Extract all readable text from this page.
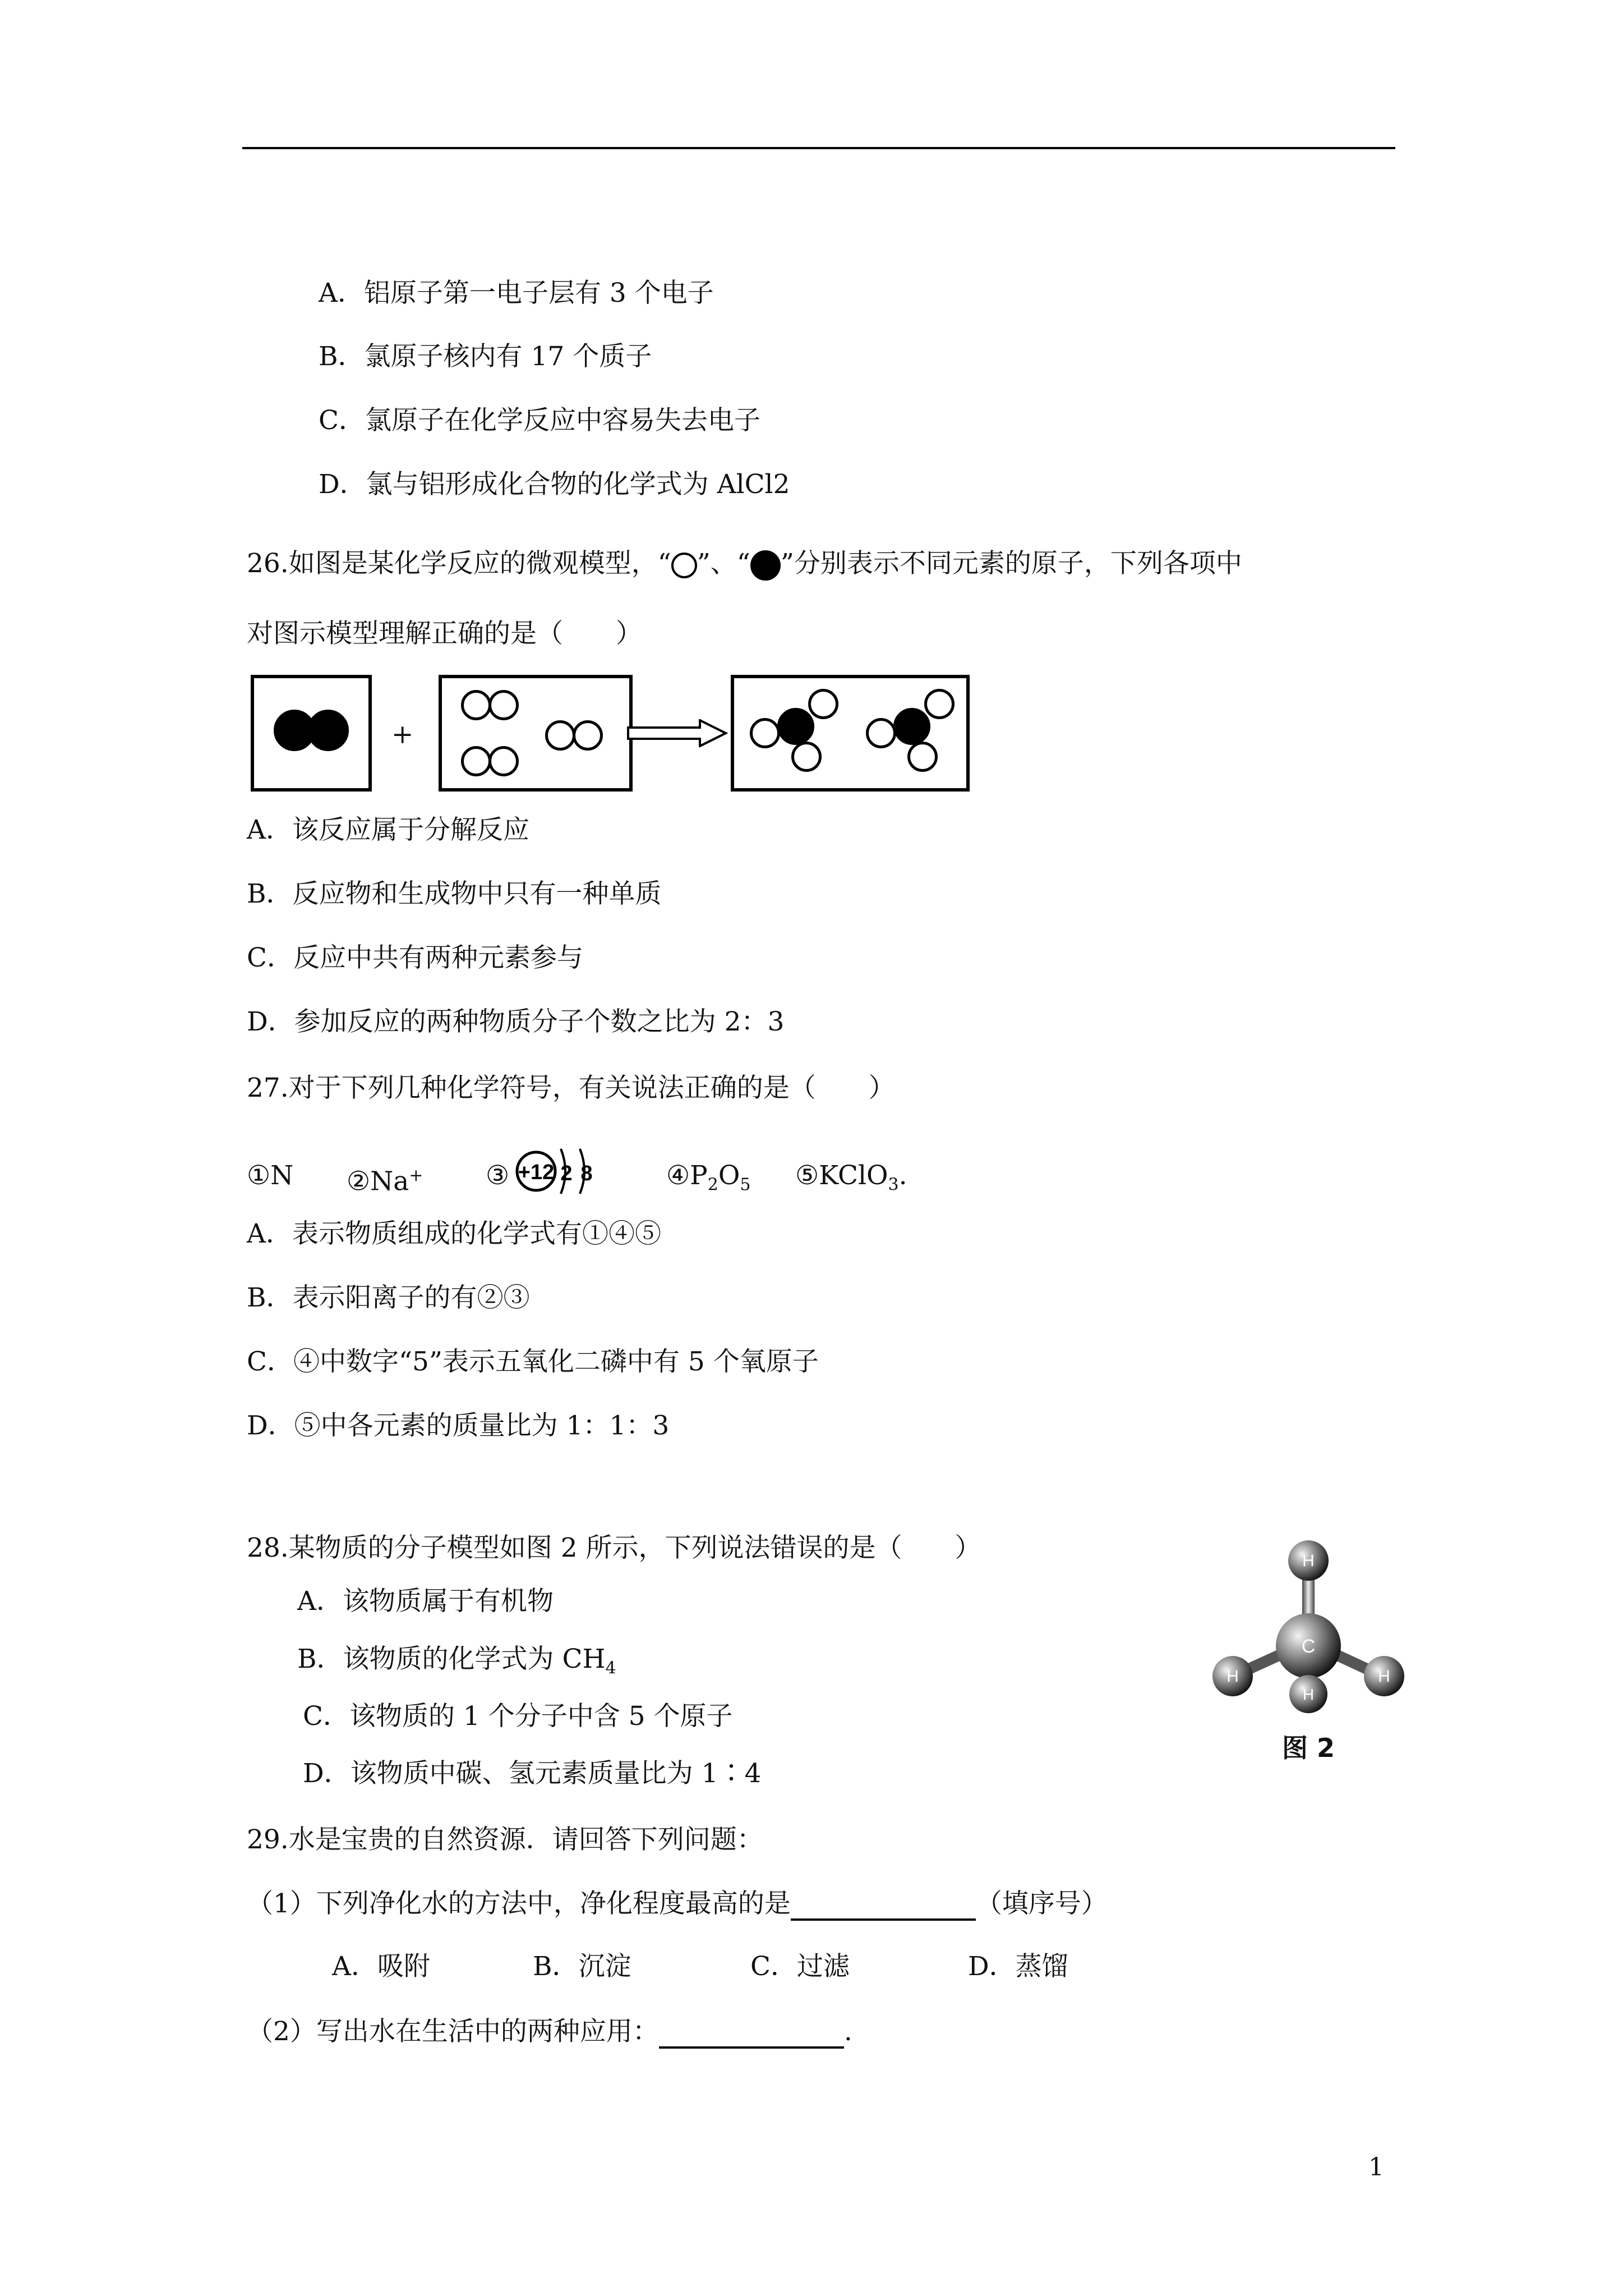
A．铝原子第一电子层有 3 个电子
B．氯原子核内有 17 个质子
C．氯原子在化学反应中容易失去电子
D．氯与铝形成化合物的化学式为 AlCl2
26.如图是某化学反应的微观模型，“ ”、“ ”分别表示不同元素的原子，下列各项中
对图示模型理解正确的是（　　）
+
A．该反应属于分解反应
B．反应物和生成物中只有一种单质
C．反应中共有两种元素参与
D．参加反应的两种物质分子个数之比为 2：3
27.对于下列几种化学符号，有关说法正确的是（　　）
①N ②Na+ ③ +12 2 8	$④P_2O_5$ ⑤KClO$_3$.
A．表示物质组成的化学式有①④⑤
B．表示阳离子的有②③
C．④中数字“5”表示五氧化二磷中有 5 个氧原子
D．⑤中各元素的质量比为 1：1：3
28.某物质的分子模型如图 2 所示，下列说法错误的是（　　）
A．该物质属于有机物
B．该物质的化学式为 $CH_4$
C．该物质的 1 个分子中含 5 个原子
D．该物质中碳、氢元素质量比为 1∶4
H
H	H
C
H
图 2
29.水是宝贵的自然资源．请回答下列问题：
（1）下列净化水的方法中，净化程度最高的是	（填序号）
A．吸附	B．沉淀	C．过滤	D．蒸馏
（2）写出水在生活中的两种应用：	.
1
